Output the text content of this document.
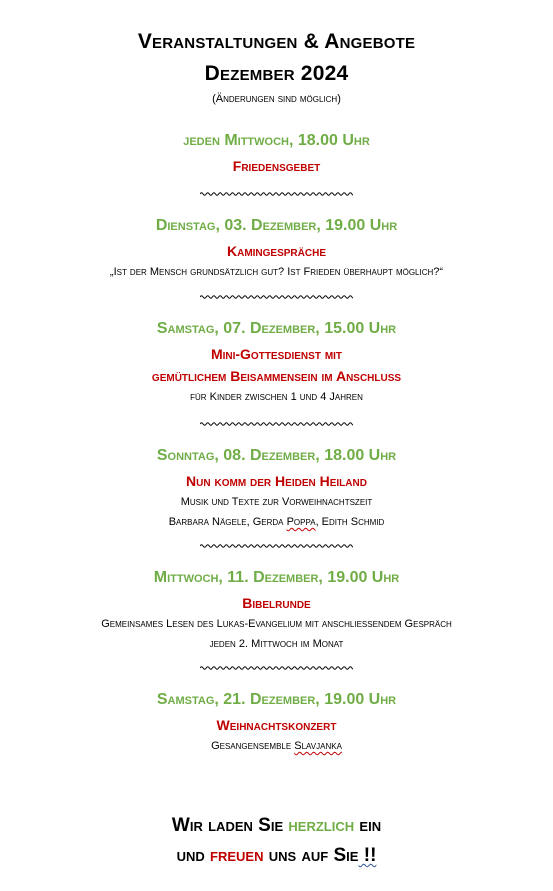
Veranstaltungen & Angebote
Dezember 2024
(Änderungen sind möglich)
jeden Mittwoch, 18.00 Uhr
Friedensgebet
Dienstag, 03. Dezember, 19.00 Uhr
Kamingespräche
„Ist der Mensch grundsätzlich gut? Ist Frieden überhaupt möglich?“
Samstag, 07. Dezember, 15.00 Uhr
Mini-Gottesdienst mit
gemütlichem Beisammensein im Anschluss
für Kinder zwischen 1 und 4 Jahren
Sonntag, 08. Dezember, 18.00 Uhr
Nun komm der Heiden Heiland
Musik und Texte zur Vorweihnachtszeit
Barbara Nägele, Gerda Poppa, Edith Schmid
Mittwoch, 11. Dezember, 19.00 Uhr
Bibelrunde
Gemeinsames Lesen des Lukas-Evangelium mit anschließendem Gespräch
jeden 2. Mittwoch im Monat
Samstag, 21. Dezember, 19.00 Uhr
Weihnachtskonzert
Gesangensemble Slavjanka
Wir laden Sie herzlich ein
und freuen uns auf Sie !!
